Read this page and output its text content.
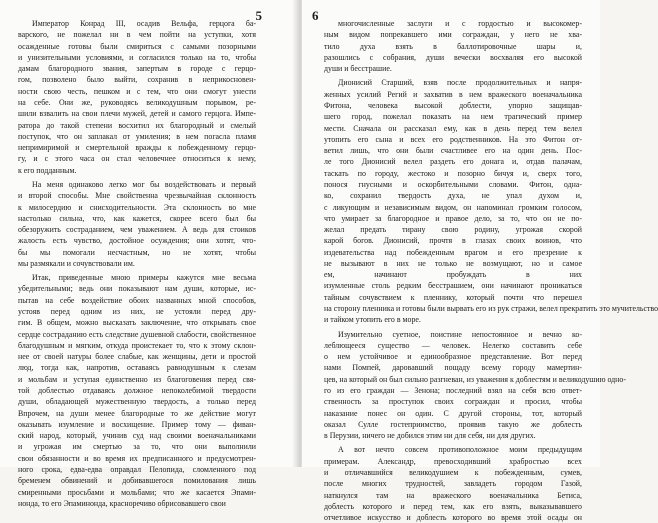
5
Император Конрад III, осадив Вельфа, герцога ба-
варского, не пожелал ни в чем пойти на уступки, хотя
осажденные готовы были смириться с самыми позорными
и унизительными условиями, и согласился только на то, чтобы
дамам благородного звания, запертым в городе с герцо-
гом, позволено было выйти, сохранив в неприкосновен-
ности свою честь, пешком и с тем, что они смогут унести
на себе. Они же, руководясь великодушным порывом, ре-
шили взвалить на свои плечи мужей, детей и самого герцога. Импе-
ратора до такой степени восхитил их благородный и смелый
поступок, что он заплакал от умиления; в нем погасла пламя
непримиримой и смертельной вражды к побежденному герцо-
гу, и с этого часа он стал человечнее относиться к нему,
к его подданным.
На меня одинаково легко мог бы воздействовать и первый
и второй способы. Мне свойственна чрезвычайная склонность
к милосердию и снисходительности. Эта склонность во мне
настолько сильна, что, как кажется, скорее всего был бы
обезоружить состраданием, чем уважением. А ведь для стоиков
жалость есть чувство, достойное осуждения; они хотят, что-
бы мы помогали несчастным, но не хотят, чтобы
мы размякали и сочувствовали им.
Итак, приведенные мною примеры кажутся мне весьма
убедительными; ведь они показывают нам души, которые, ис-
пытав на себе воздействие обоих названных мной способов,
устояв перед одним из них, не устояли перед дру-
гим. В общем, можно высказать заключение, что открывать свое
сердце состраданию есть следствие душевной слабости, свойственное
благодушным и мягким, откуда проистекает то, что к этому склон-
нее от своей натуры более слабые, как женщины, дети и простой
люд, тогда как, напротив, оставаясь равнодушным к слезам
и мольбам и уступая единственно из благоговения перед свя-
той доблестью отдаваясь должное непоколебимой твердости
души, обладающей мужественную твердость, а только перед
Впрочем, на души менее благородные то же действие могут
оказывать изумление и восхищение. Пример тому — фиван-
ский народ, который, учинив суд над своими военачальниками
и угрожая им смертью за то, что они выполнили
свои обязанности и во время их предписанного и предусмотрен-
ного срока, едва-едва оправдал Пелопида, сломленного под
бременем обвинений и добивавшегося помилования лишь
смиренными просьбами и мольбами; что же касается Эпами-
нонда, то его Эпаминонда, красноречиво обрисовавшего свои
6
многочисленные заслуги и с гордостью и высокомер-
ным видом попрекавшего ими сограждан, у него не хва-
тило духа взять в баллотировочные шары и,
разошлись с собрания, души вечески восхваляя его высокой
души и бесстрашие.
Дионисий Старший, взяв после продолжительных и напря-
женных усилий Регий и захватив в нем вражеского военачальника
Фитона, человека высокой доблести, упорно защищав-
шего город, пожелал показать на нем трагический пример
мести. Сначала он рассказал ему, как в день перед тем велел
утопить его сына и всех его родственников. На это Фитон от-
ветил лишь, что они были счастливее его на один день. Пос-
ле того Дионисий велел раздеть его донага и, отдав палачам,
таскать по городу, жестоко и позорно бичуя и, сверх того,
понося гнусными и оскорбительными словами. Фитон, одна-
ко, сохранил твердость духа, не упал духом и,
с ликующим и независимым видом, он напоминал громким голосом,
что умирает за благородное и правое дело, за то, что он не по-
желал предать тирану свою родину, угрожая скорой
карой богов. Дионисий, прочтя в глазах своих воинов, что
издевательства над побежденным врагом и его презрение к
не вызывают в них не только не возмущают, но и самое
ем, начинают пробуждать в них
изумленные столь редким бесстрашием, они начинают проникаться
тайным сочувствием к пленнику, который почти что перешел
на сторону пленника и готовы были вырвать его из рук стражи, велел прекратить это мучительство
и тайком утопить его в море.
Изумительно суетное, поистине непостоянное и вечно ко-
леблющееся существо — человек. Нелегко составить себе
о нем устойчивое и единообразное представление. Вот перед
нами Помпей, даровавший пощаду всему городу мамертин-
цев, на который он был сильно разгневан, из уважения к доблестям и великодушию одно-
го из его граждан — Зенона; последний взял на себя всю ответ-
ственность за проступок своих сограждан и просил, чтобы
наказание понес он один. С другой стороны, тот, который
оказал Сулле гостеприимство, проявив такую же доблесть
в Перузии, ничего не добился этим ни для себя, ни для других.
А вот нечто совсем противоположное моим предыдущим
примерам. Александр, превосходивший храбростью всех
и отличавшийся великодушием к побежденным, сумев,
после многих трудностей, завладеть городом Газой,
наткнулся там на вражеского военачальника Бетиса,
доблесть которого и перед тем, как его взять, выказывавшего
отчетливое искусство и доблесть которого во время этой осады он
